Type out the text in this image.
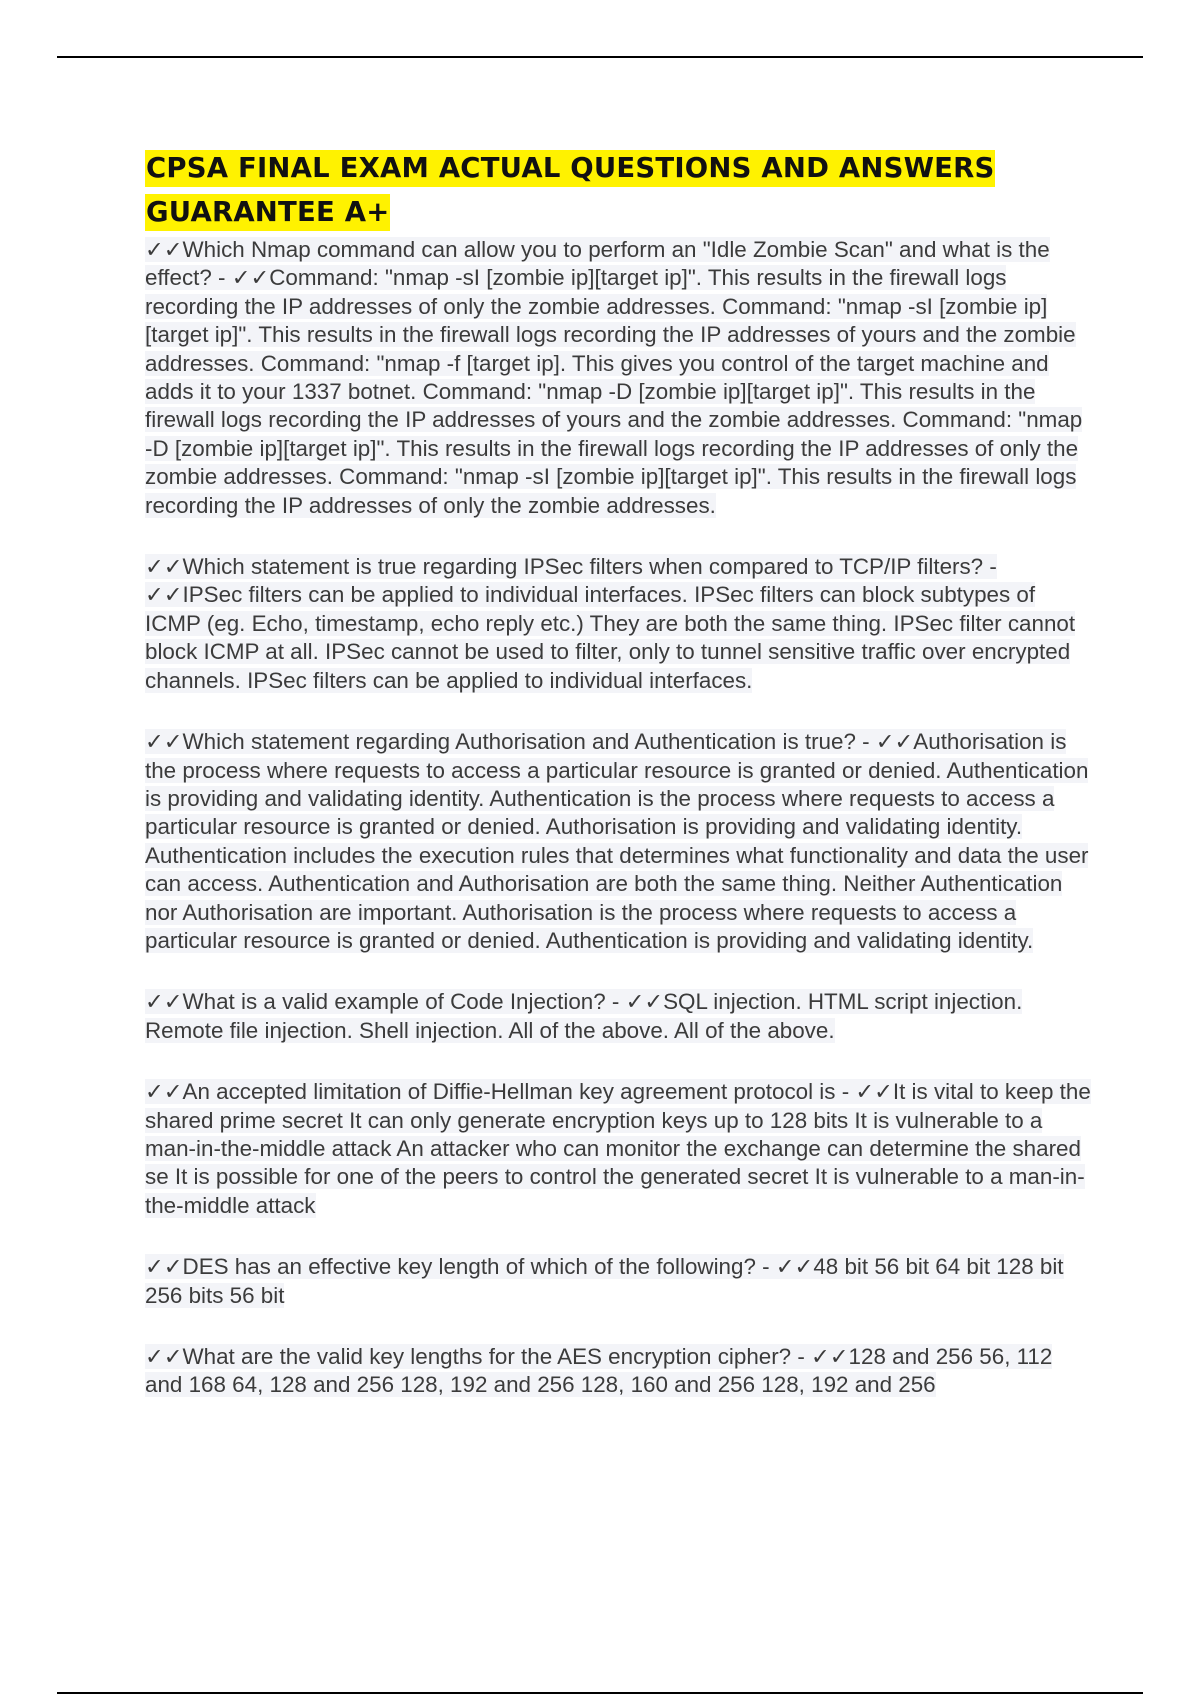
CPSA FINAL EXAM ACTUAL QUESTIONS AND ANSWERS GUARANTEE A+

✓✓Which Nmap command can allow you to perform an "Idle Zombie Scan" and what is the effect? - ✓✓Command: "nmap -sI [zombie ip][target ip]". This results in the firewall logs recording the IP addresses of only the zombie addresses. Command: "nmap -sI [zombie ip][target ip]". This results in the firewall logs recording the IP addresses of yours and the zombie addresses. Command: "nmap -f [target ip]. This gives you control of the target machine and adds it to your 1337 botnet. Command: "nmap -D [zombie ip][target ip]". This results in the firewall logs recording the IP addresses of yours and the zombie addresses. Command: "nmap -D [zombie ip][target ip]". This results in the firewall logs recording the IP addresses of only the zombie addresses. Command: "nmap -sI [zombie ip][target ip]". This results in the firewall logs recording the IP addresses of only the zombie addresses.

✓✓Which statement is true regarding IPSec filters when compared to TCP/IP filters? - ✓✓IPSec filters can be applied to individual interfaces. IPSec filters can block subtypes of ICMP (eg. Echo, timestamp, echo reply etc.) They are both the same thing. IPSec filter cannot block ICMP at all. IPSec cannot be used to filter, only to tunnel sensitive traffic over encrypted channels. IPSec filters can be applied to individual interfaces.

✓✓Which statement regarding Authorisation and Authentication is true? - ✓✓Authorisation is the process where requests to access a particular resource is granted or denied. Authentication is providing and validating identity. Authentication is the process where requests to access a particular resource is granted or denied. Authorisation is providing and validating identity. Authentication includes the execution rules that determines what functionality and data the user can access. Authentication and Authorisation are both the same thing. Neither Authentication nor Authorisation are important. Authorisation is the process where requests to access a particular resource is granted or denied. Authentication is providing and validating identity.

✓✓What is a valid example of Code Injection? - ✓✓SQL injection. HTML script injection. Remote file injection. Shell injection. All of the above. All of the above.

✓✓An accepted limitation of Diffie-Hellman key agreement protocol is - ✓✓It is vital to keep the shared prime secret It can only generate encryption keys up to 128 bits It is vulnerable to a man-in-the-middle attack An attacker who can monitor the exchange can determine the shared se It is possible for one of the peers to control the generated secret It is vulnerable to a man-in-the-middle attack

✓✓DES has an effective key length of which of the following? - ✓✓48 bit 56 bit 64 bit 128 bit 256 bits 56 bit

✓✓What are the valid key lengths for the AES encryption cipher? - ✓✓128 and 256 56, 112 and 168 64, 128 and 256 128, 192 and 256 128, 160 and 256 128, 192 and 256
